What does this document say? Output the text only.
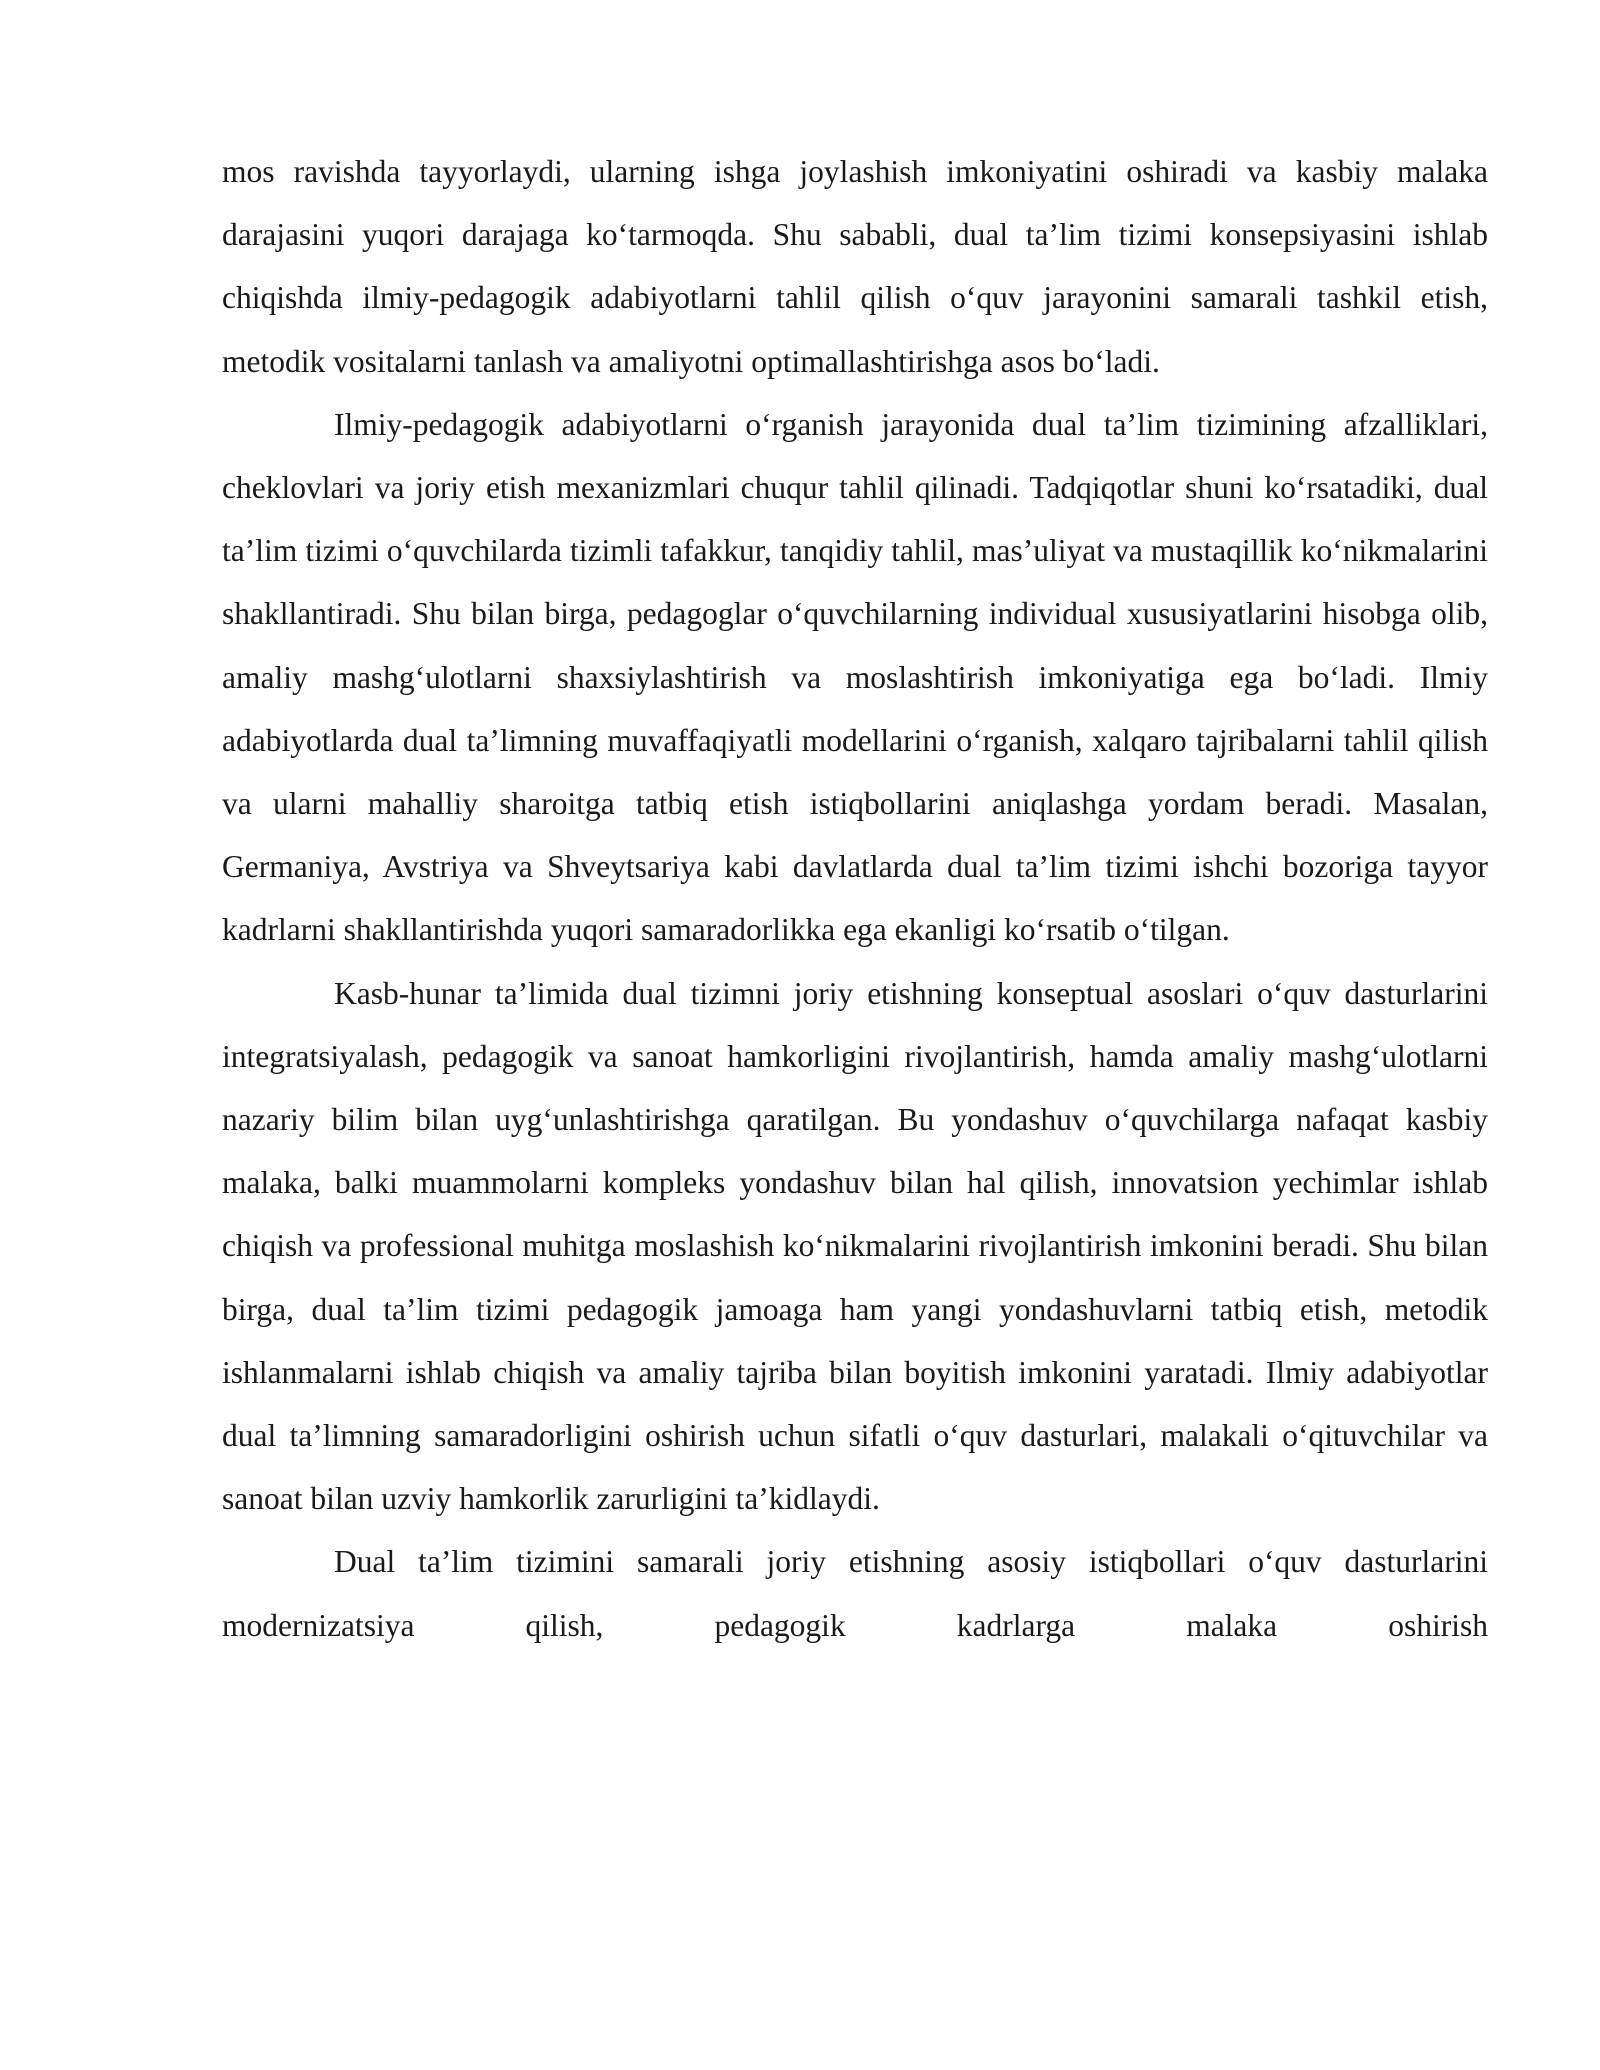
mos ravishda tayyorlaydi, ularning ishga joylashish imkoniyatini oshiradi va kasbiy malaka darajasini yuqori darajaga ko‘tarmoqda. Shu sababli, dual ta’lim tizimi konsepsiyasini ishlab chiqishda ilmiy-pedagogik adabiyotlarni tahlil qilish o‘quv jarayonini samarali tashkil etish, metodik vositalarni tanlash va amaliyotni optimallashtirishga asos bo‘ladi.

Ilmiy-pedagogik adabiyotlarni o‘rganish jarayonida dual ta’lim tizimining afzalliklari, cheklovlari va joriy etish mexanizmlari chuqur tahlil qilinadi. Tadqiqotlar shuni ko‘rsatadiki, dual ta’lim tizimi o‘quvchilarda tizimli tafakkur, tanqidiy tahlil, mas’uliyat va mustaqillik ko‘nikmalarini shakllantiradi. Shu bilan birga, pedagoglar o‘quvchilarning individual xususiyatlarini hisobga olib, amaliy mashg‘ulotlarni shaxsiylashtirish va moslashtirish imkoniyatiga ega bo‘ladi. Ilmiy adabiyotlarda dual ta’limning muvaffaqiyatli modellarini o‘rganish, xalqaro tajribalarni tahlil qilish va ularni mahalliy sharoitga tatbiq etish istiqbollarini aniqlashga yordam beradi. Masalan, Germaniya, Avstriya va Shveytsariya kabi davlatlarda dual ta’lim tizimi ishchi bozoriga tayyor kadrlarni shakllantirishda yuqori samaradorlikka ega ekanligi ko‘rsatib o‘tilgan.

Kasb-hunar ta’limida dual tizimni joriy etishning konseptual asoslari o‘quv dasturlarini integratsiyalash, pedagogik va sanoat hamkorligini rivojlantirish, hamda amaliy mashg‘ulotlarni nazariy bilim bilan uyg‘unlashtirishga qaratilgan. Bu yondashuv o‘quvchilarga nafaqat kasbiy malaka, balki muammolarni kompleks yondashuv bilan hal qilish, innovatsion yechimlar ishlab chiqish va professional muhitga moslashish ko‘nikmalarini rivojlantirish imkonini beradi. Shu bilan birga, dual ta’lim tizimi pedagogik jamoaga ham yangi yondashuvlarni tatbiq etish, metodik ishlanmalarni ishlab chiqish va amaliy tajriba bilan boyitish imkonini yaratadi. Ilmiy adabiyotlar dual ta’limning samaradorligini oshirish uchun sifatli o‘quv dasturlari, malakali o‘qituvchilar va sanoat bilan uzviy hamkorlik zarurligini ta’kidlaydi.

Dual ta’lim tizimini samarali joriy etishning asosiy istiqbollari o‘quv dasturlarini modernizatsiya qilish, pedagogik kadrlarga malaka oshirish
